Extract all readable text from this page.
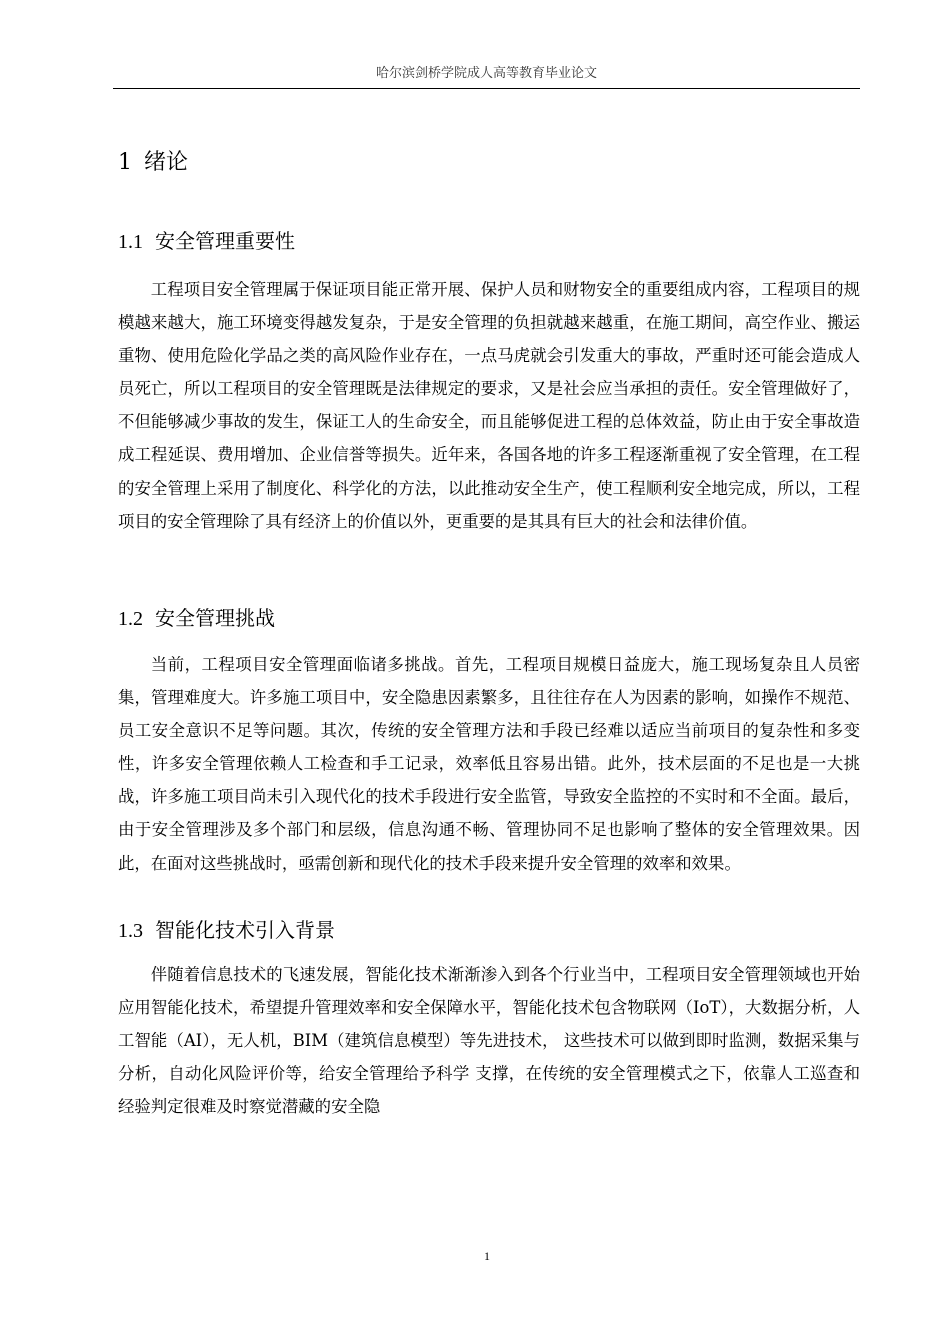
哈尔滨剑桥学院成人高等教育毕业论文
1 绪论
1.1 安全管理重要性

工程项目安全管理属于保证项目能正常开展、保护人员和财物安全的重要组成内容，工程项目的规模越来越大，施工环境变得越发复杂，于是安全管理的负担就越来越重，在施工期间，高空作业、搬运重物、使用危险化学品之类的高风险作业存在，一点马虎就会引发重大的事故，严重时还可能会造成人员死亡，所以工程项目的安全管理既是法律规定的要求，又是社会应当承担的责任。安全管理做好了，不但能够减少事故的发生，保证工人的生命安全，而且能够促进工程的总体效益，防止由于安全事故造成工程延误、费用增加、企业信誉等损失。近年来，各国各地的许多工程逐渐重视了安全管理，在工程的安全管理上采用了制度化、科学化的方法，以此推动安全生产，使工程顺利安全地完成，所以，工程项目的安全管理除了具有经济上的价值以外，更重要的是其具有巨大的社会和法律价值。

1.2 安全管理挑战

当前，工程项目安全管理面临诸多挑战。首先，工程项目规模日益庞大，施工现场复杂且人员密集，管理难度大。许多施工项目中，安全隐患因素繁多，且往往存在人为因素的影响，如操作不规范、员工安全意识不足等问题。其次，传统的安全管理方法和手段已经难以适应当前项目的复杂性和多变性，许多安全管理依赖人工检查和手工记录，效率低且容易出错。此外，技术层面的不足也是一大挑战，许多施工项目尚未引入现代化的技术手段进行安全监管，导致安全监控的不实时和不全面。最后，由于安全管理涉及多个部门和层级，信息沟通不畅、管理协同不足也影响了整体的安全管理效果。因此，在面对这些挑战时，亟需创新和现代化的技术手段来提升安全管理的效率和效果。

1.3 智能化技术引入背景

伴随着信息技术的飞速发展，智能化技术渐渐渗入到各个行业当中，工程项目安全管理领域也开始应用智能化技术，希望提升管理效率和安全保障水平，智能化技术包含物联网（IoT），大数据分析，人工智能（AI），无人机，BIM（建筑信息模型）等先进技术， 这些技术可以做到即时监测，数据采集与分析，自动化风险评价等，给安全管理给予科学 支撑，在传统的安全管理模式之下，依靠人工巡查和经验判定很难及时察觉潜藏的安全隐

1
